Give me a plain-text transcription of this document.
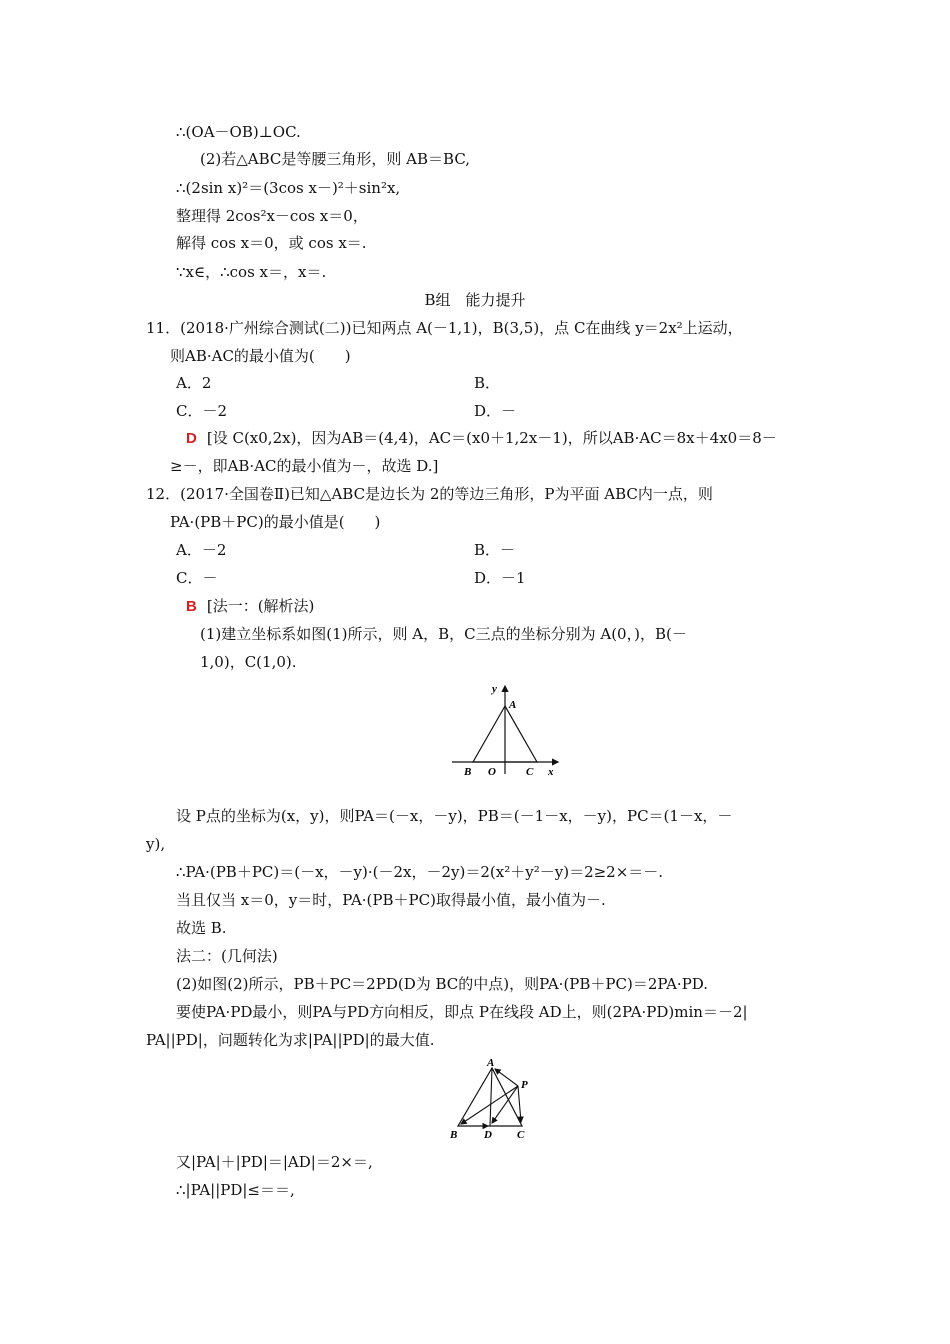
∴(OA－OB)⊥OC.
(2)若△ABC是等腰三角形，则 AB＝BC,
∴(2sin x)²＝(3cos x－)²＋sin²x,
整理得 2cos²x－cos x＝0，
解得 cos x＝0，或 cos x＝.
∵x∈，∴cos x＝，x＝.
B组　能力提升
11．(2018·广州综合测试(二))已知两点 A(－1,1)，B(3,5)，点 C在曲线 y＝2x²上运动，
则AB·AC的最小值为(　　)
A．2	B．
C．－2	D．－
D [设 C(x0,2x)，因为AB＝(4,4)，AC＝(x0＋1,2x－1)，所以AB·AC＝8x＋4x0＝8－
≥－，即AB·AC的最小值为－，故选 D.]
12．(2017·全国卷Ⅱ)已知△ABC是边长为 2的等边三角形，P为平面 ABC内一点，则
PA·(PB＋PC)的最小值是(　　)
A．－2	B．－
C．－	D．－1
B [法一：(解析法)
(1)建立坐标系如图(1)所示，则 A，B，C三点的坐标分别为 A(0，)，B(－
1,0)，C(1,0).
y
A
B O	C x
设 P点的坐标为(x，y)，则PA＝(－x，－y)，PB＝(－1－x，－y)，PC＝(1－x，－
y),
∴PA·(PB＋PC)＝(－x，－y)·(－2x，－2y)＝2(x²＋y²－y)＝2≥2×＝－.
当且仅当 x＝0，y＝时，PA·(PB＋PC)取得最小值，最小值为－.
故选 B.
法二：(几何法)
(2)如图(2)所示，PB＋PC＝2PD(D为 BC的中点)，则PA·(PB＋PC)＝2PA·PD.
要使PA·PD最小，则PA与PD方向相反，即点 P在线段 AD上，则(2PA·PD)min＝－2|
PA||PD|，问题转化为求|PA||PD|的最大值.
A
P
B D C
又|PA|＋|PD|＝|AD|＝2×＝,
∴|PA||PD|≤＝＝,
